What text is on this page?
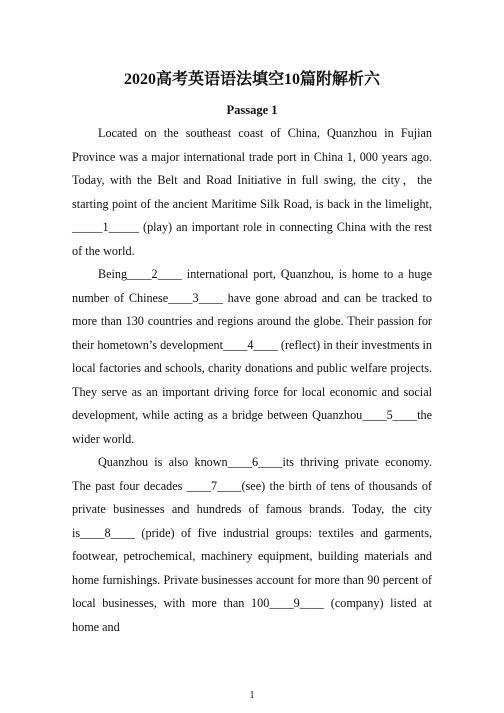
2020高考英语语法填空10篇附解析六
Passage 1

Located on the southeast coast of China, Quanzhou in Fujian Province was a major international trade port in China 1, 000 years ago. Today, with the Belt and Road Initiative in full swing, the city，the starting point of the ancient Maritime Silk Road, is back in the limelight, _____1_____ (play) an important role in connecting China with the rest of the world.

Being____2____ international port, Quanzhou, is home to a huge number of Chinese____3____ have gone abroad and can be tracked to more than 130 countries and regions around the globe. Their passion for their hometown’s development____4____ (reflect) in their investments in local factories and schools, charity donations and public welfare projects. They serve as an important driving force for local economic and social development, while acting as a bridge between Quanzhou____5____the wider world.

Quanzhou is also known____6____its thriving private economy. The past four decades ____7____(see) the birth of tens of thousands of private businesses and hundreds of famous brands. Today, the city is____8____ (pride) of five industrial groups: textiles and garments, footwear, petrochemical, machinery equipment, building materials and home furnishings. Private businesses account for more than 90 percent of local businesses, with more than 100____9____ (company) listed at home and

1
